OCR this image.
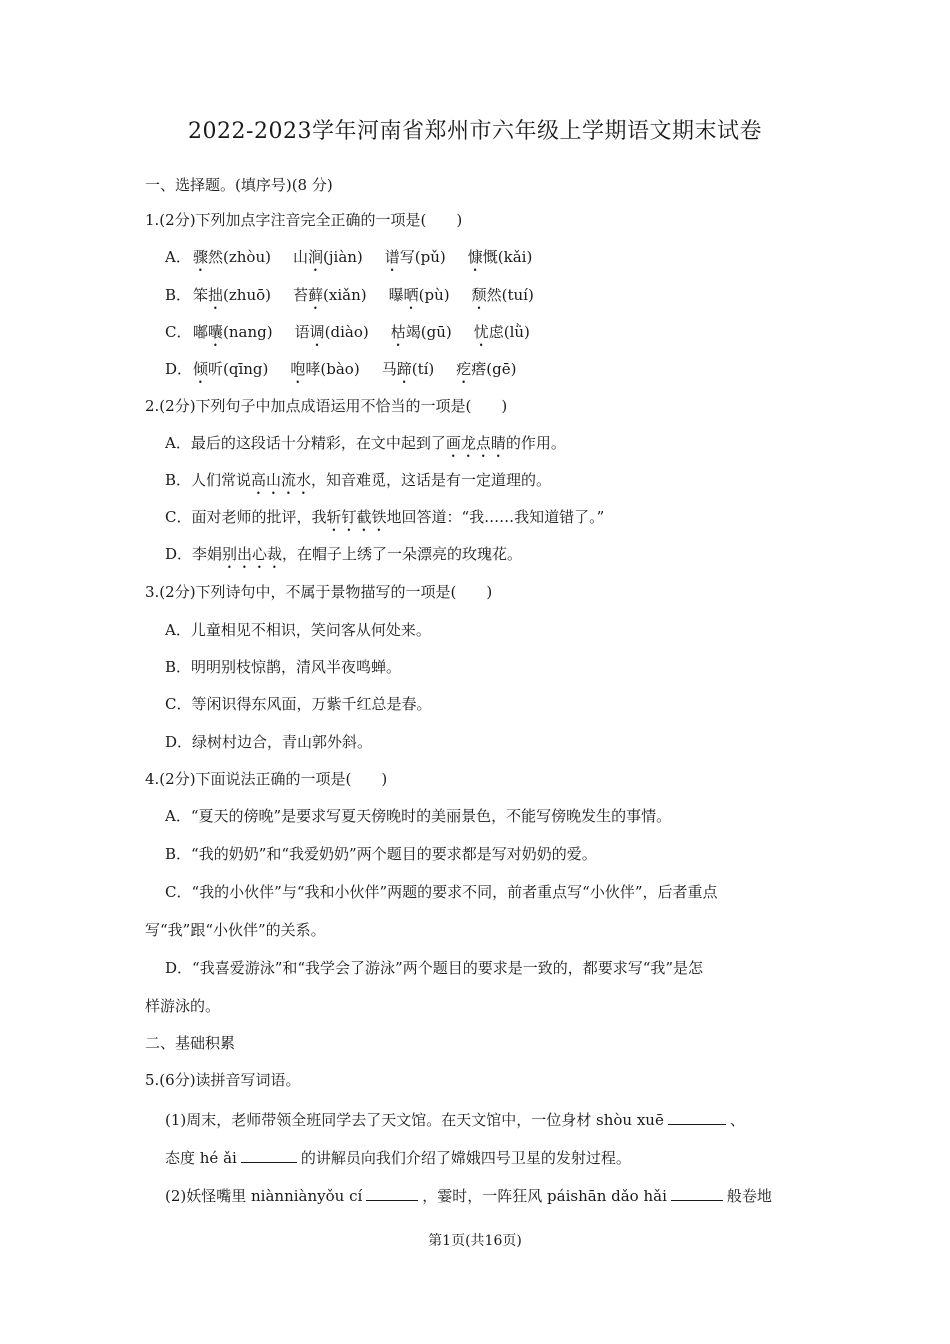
2022-2023学年河南省郑州市六年级上学期语文期末试卷
一、选择题。(填序号)(8 分)
1.(2分)下列加点字注音完全正确的一项是(　　)
A． 骤然(zhòu) 山涧(jiàn) 谱写(pǔ) 慷慨(kǎi)
B． 笨拙(zhuō) 苔藓(xiǎn) 曝晒(pù) 颓然(tuí)
C． 嘟囔(nang) 语调(diào) 枯竭(gū) 忧虑(lǜ)
D．倾听(qīng) 咆哮(bào) 马蹄(tí) 疙瘩(gē)
2.(2分)下列句子中加点成语运用不恰当的一项是(　　)
A．最后的这段话十分精彩，在文中起到了画龙点睛的作用。
B．人们常说高山流水，知音难觅，这话是有一定道理的。
C．面对老师的批评，我斩钉截铁地回答道：“我……我知道错了。”
D．李娟别出心裁，在帽子上绣了一朵漂亮的玫瑰花。
3.(2分)下列诗句中，不属于景物描写的一项是(　　)
A．儿童相见不相识，笑问客从何处来。
B．明明别枝惊鹊，清风半夜鸣蝉。
C．等闲识得东风面，万紫千红总是春。
D．绿树村边合，青山郭外斜。
4.(2分)下面说法正确的一项是(　　)
A．“夏天的傍晚”是要求写夏天傍晚时的美丽景色，不能写傍晚发生的事情。
B．“我的奶奶”和“我爱奶奶”两个题目的要求都是写对奶奶的爱。
C．“我的小伙伴”与“我和小伙伴”两题的要求不同，前者重点写“小伙伴”，后者重点
写“我”跟“小伙伴”的关系。
D．“我喜爱游泳”和“我学会了游泳”两个题目的要求是一致的，都要求写“我”是怎
样游泳的。
二、基础积累
5.(6分)读拼音写词语。
(1)周末，老师带领全班同学去了天文馆。在天文馆中，一位身材 shòu xuē	、
态度 hé ǎi	的讲解员向我们介绍了嫦娥四号卫星的发射过程。
(2)妖怪嘴里 niànniànyǒu cí	，霎时，一阵狂风 páishān dǎo hǎi	般卷地
第1页(共16页)
